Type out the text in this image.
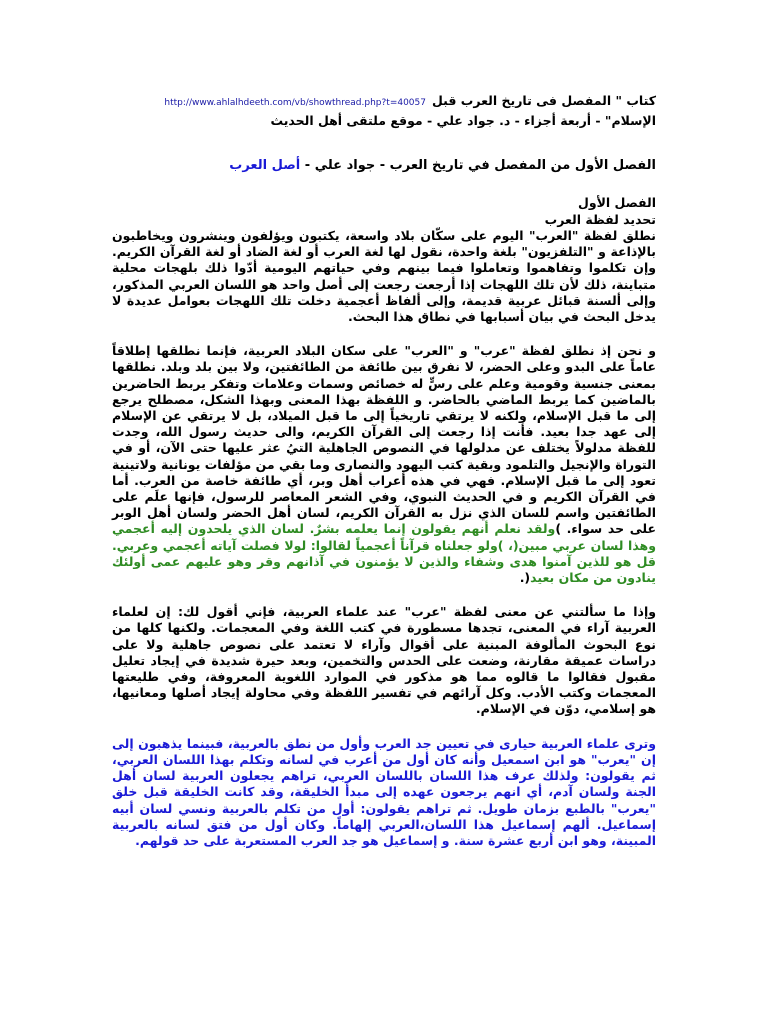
كتاب " المفصل فى تاريخ العرب قبلhttp://www.ahlalhdeeth.com/vb/showthread.php?t=40057
الإسلام" - أربعة أجزاء - د. جواد علي - موقع ملتقى أهل الحديث
الفصل الأول من المفصل في تاريخ العرب - جواد علي - أصل العرب
الفصل الأول
تحديد لفظة العرب

نطلق لفظة "العرب" اليوم على سكّان بلاد واسعة، يكتبون ويؤلفون وينشرون ويخاطبون بالإذاعة و "التلفزيون" بلغة واحدة، نقول لها لغة العرب أو لغة الضاد أو لغة القرآن الكريم. وإن تكلموا وتفاهموا وتعاملوا فيما بينهم وفي حياتهم اليومية أدّوا ذلك بلهجات محلية متباينة، ذلك لأن تلك اللهجات إذا أرجعت رجعت إلى أصل واحد هو اللسان العربي المذكور، وإلى ألسنة قبائل عربية قديمة، وإلى ألفاظ أعجمية دخلت تلك اللهجات بعوامل عديدة لا يدخل البحث في بيان أسبابها في نطاق هذا البحث.

و نحن إذ نطلق لفظة "عرب" و "العرب" على سكان البلاد العربية، فإنما نطلقها إطلاقاً عاماً على البدو وعلى الحضر، لا نفرق بين طائفة من الطائفتين، ولا بين بلد وبلد. نطلقها بمعنى جنسية وقومية وعلم على رسٍّ له خصائص وسمات وعلامات وتفكر يربط الحاضرين بالماضين كما يربط الماضي بالحاضر. و اللفظة بهذا المعنى وبهذا الشكل، مصطلح يرجع إلى ما قبل الإسلام، ولكنه لا يرتقي تاريخياً إلى ما قبل الميلاد، بل لا يرتقي عن الإسلام إلى عهد جدا بعيد. فأنت إذا رجعت إلى القرآن الكريم، والى حديث رسول الله، وجدت للفظة مدلولاً يختلف عن مدلولها في النصوص الجاهلية التيُ عثر عليها حتى الآن، أو في التوراة والإنجيل والتلمود وبقية كتب اليهود والنصارى وما بقي من مؤلفات يونانية ولاتينية تعود إلى ما قبل الإسلام. فهي في هذه أعراب أهل وبر، أي طائفة خاصة من العرب. أما في القرآن الكريم و في الحديث النبوي، وفي الشعر المعاصر للرسول، فإنها علَم على الطائفتين واسم للسان الذي نزل به القرآن الكريم، لسان أهل الحضر ولسان أهل الوبر على حد سواء. )ولقد نعلم أنهم يقولون إنما يعلمه بشرٌ. لسان الذي يلحدون إليه أعجمي وهذا لسان عربي مبين(، )ولو جعلناه قرآناً أعجمياً لقالوا: لولا فصلت آياته أعجمي وعربي. قل هو للذين آمنوا هدى وشفاء والذين لا يؤمنون في آذانهم وقر وهو عليهم عمى أولئك ينادون من مكان بعيد(.

وإذا ما سألتني عن معنى لفظة "عرب" عند علماء العربية، فإني أقول لك: إن لعلماء العربية آراء في المعنى، تجدها مسطورة في كتب اللغة وفي المعجمات. ولكنها كلها من نوع البحوث المألوفة المبنية على أقوال وآراء لا تعتمد على نصوص جاهلية ولا على دراسات عميقة مقارنة، وضعت على الحدس والتخمين، وبعد حيرة شديدة في إيجاد تعليل مقبول فقالوا ما قالوه مما هو مذكور في الموارد اللغوية المعروفة، وفي طليعتها المعجمات وكتب الأدب. وكل آرائهم في تفسير اللفظة وفي محاولة إيجاد أصلها ومعانيها، هو إسلامي، دوّن في الإسلام.

وترى علماء العربية حيارى في تعيين جد العرب وأول من نطق بالعربية، فبينما يذهبون إلى إن "يعرب" هو ابن اسمعيل وأنه كان أول من أعرب في لسانه وتكلم بهذا اللسان العربي، ثم يقولون: ولذلك عرف هذا اللسان باللسان العربي، تراهم يجعلون العربية لسان أهل الجنة ولسان آدم، أي انهم يرجعون عهده إلى مبدأ الخليقة، وقد كانت الخليقة قبل خلق "يعرب" بالطبع بزمان طويل. ثم تراهم يقولون: أول من تكلم بالعربية ونسي لسان أبيه إسماعيل. ألهم إسماعيل هذا اللسان،العربي إلهاماً. وكان أول من فتق لسانه بالعربية المبينة، وهو ابن أربع عشرة سنة. و إسماعيل هو جد العرب المستعربة على حد قولهم.
